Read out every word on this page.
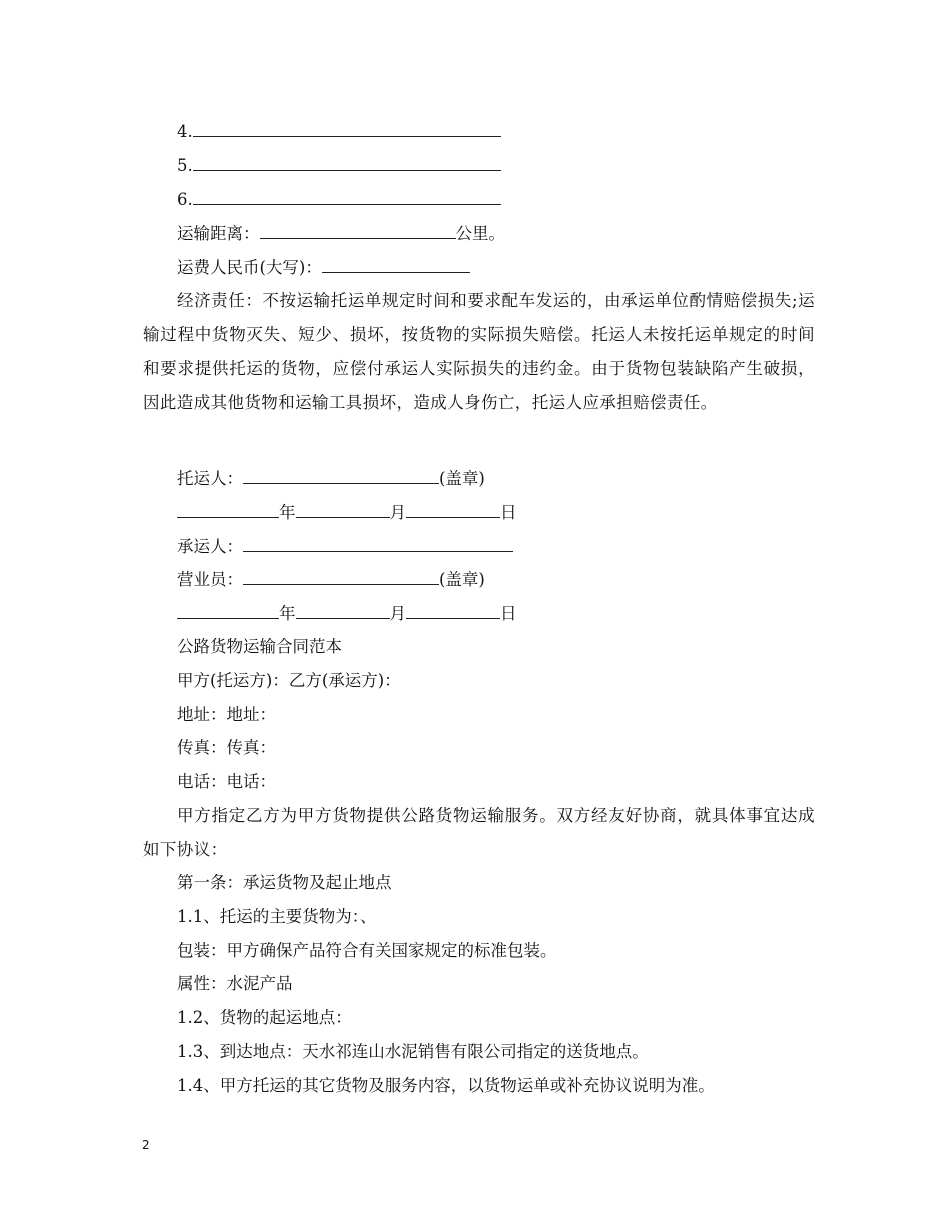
4.
5.
6.
运输距离：	公里。
运费人民币(大写)：
经济责任：不按运输托运单规定时间和要求配车发运的，由承运单位酌情赔偿损失;运输过程中货物灭失、短少、损坏，按货物的实际损失赔偿。托运人未按托运单规定的时间和要求提供托运的货物，应偿付承运人实际损失的违约金。由于货物包装缺陷产生破损，因此造成其他货物和运输工具损坏，造成人身伤亡，托运人应承担赔偿责任。
托运人：	(盖章)
年	月	日
承运人：
营业员：	(盖章)
年	月	日
公路货物运输合同范本
甲方(托运方)：乙方(承运方)：
地址：地址：
传真：传真：
电话：电话：
甲方指定乙方为甲方货物提供公路货物运输服务。双方经友好协商，就具体事宜达成如下协议：
第一条：承运货物及起止地点
1.1、托运的主要货物为：、
包装：甲方确保产品符合有关国家规定的标准包装。
属性：水泥产品
1.2、货物的起运地点：
1.3、到达地点：天水祁连山水泥销售有限公司指定的送货地点。
1.4、甲方托运的其它货物及服务内容，以货物运单或补充协议说明为准。
2
